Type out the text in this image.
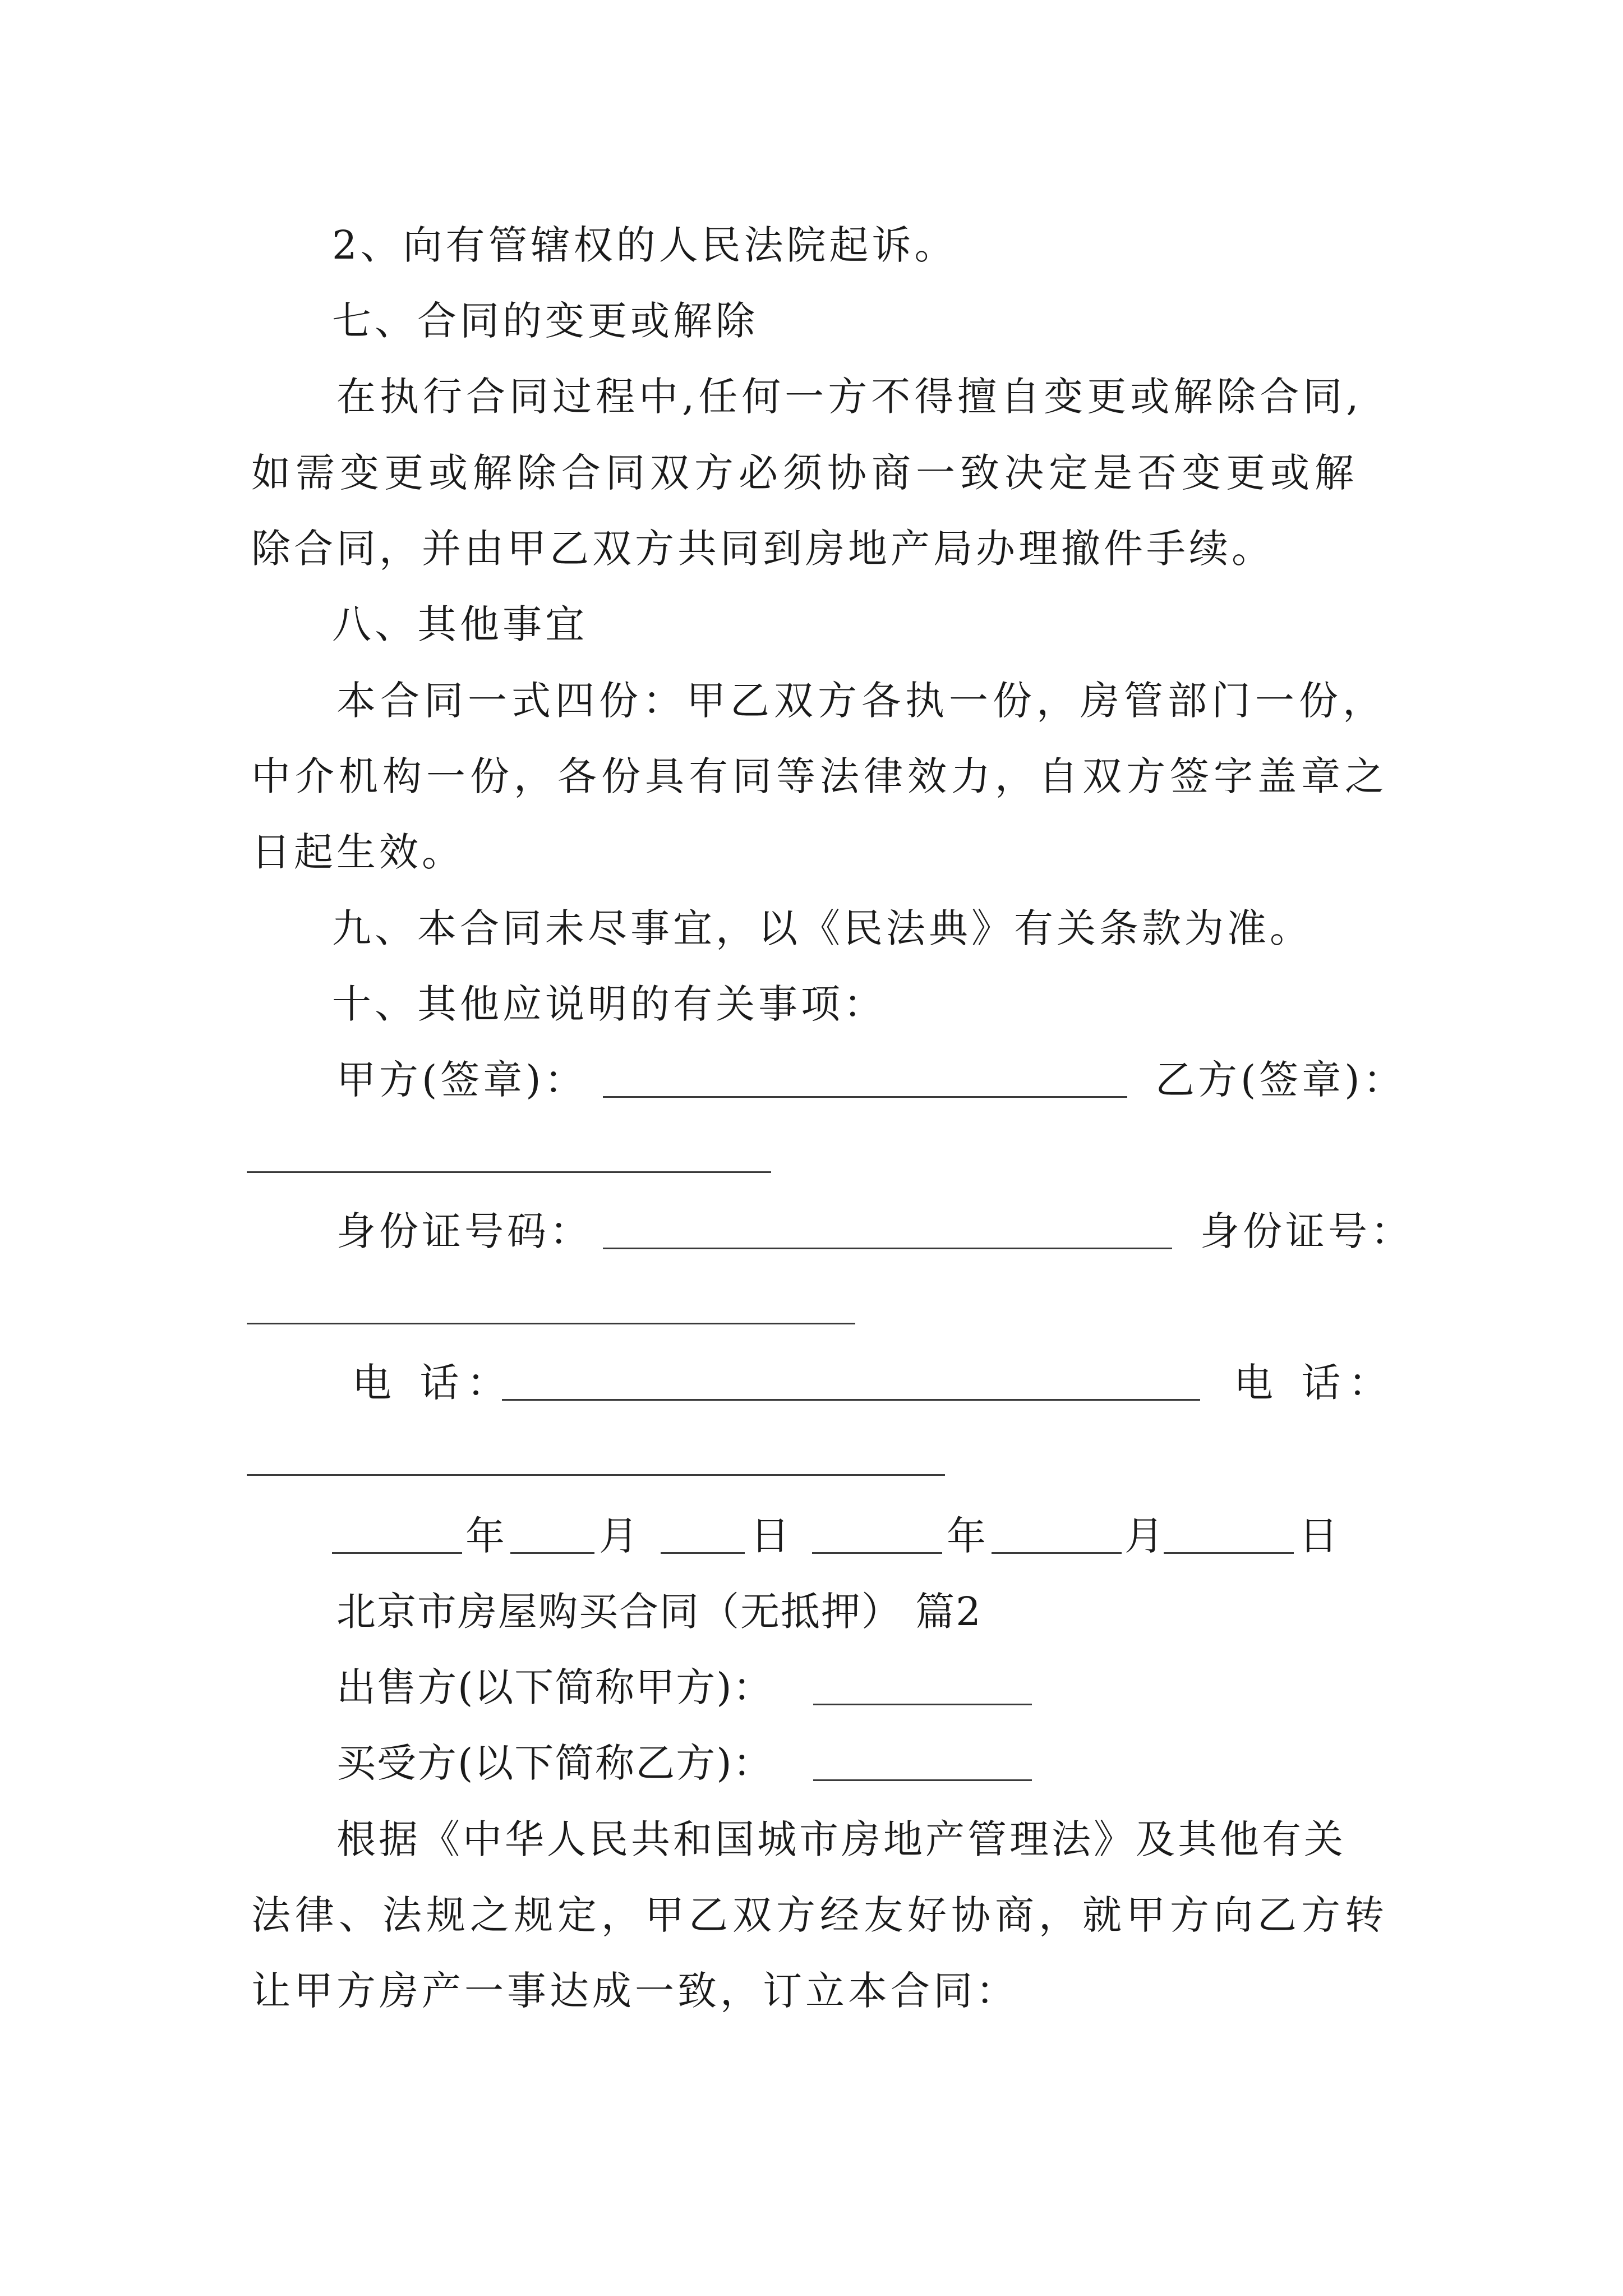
2、向有管辖权的人民法院起诉。
七、合同的变更或解除
在执行合同过程中,任何一方不得擅自变更或解除合同,
如需变更或解除合同双方必须协商一致决定是否变更或解
除合同，并由甲乙双方共同到房地产局办理撤件手续。
八、其他事宜
本合同一式四份：甲乙双方各执一份，房管部门一份，
中介机构一份，各份具有同等法律效力，自双方签字盖章之
日起生效。
九、本合同未尽事宜，以《民法典》有关条款为准。
十、其他应说明的有关事项：
甲方(签章)：	乙方(签章)：
身份证号码：	身份证号：
电 话：	电 话：
年 月	日	年	月	日
北京市房屋购买合同（无抵押） 篇2
出售方(以下简称甲方)：
买受方(以下简称乙方)：
根据《中华人民共和国城市房地产管理法》及其他有关
法律、法规之规定，甲乙双方经友好协商，就甲方向乙方转
让甲方房产一事达成一致，订立本合同：
